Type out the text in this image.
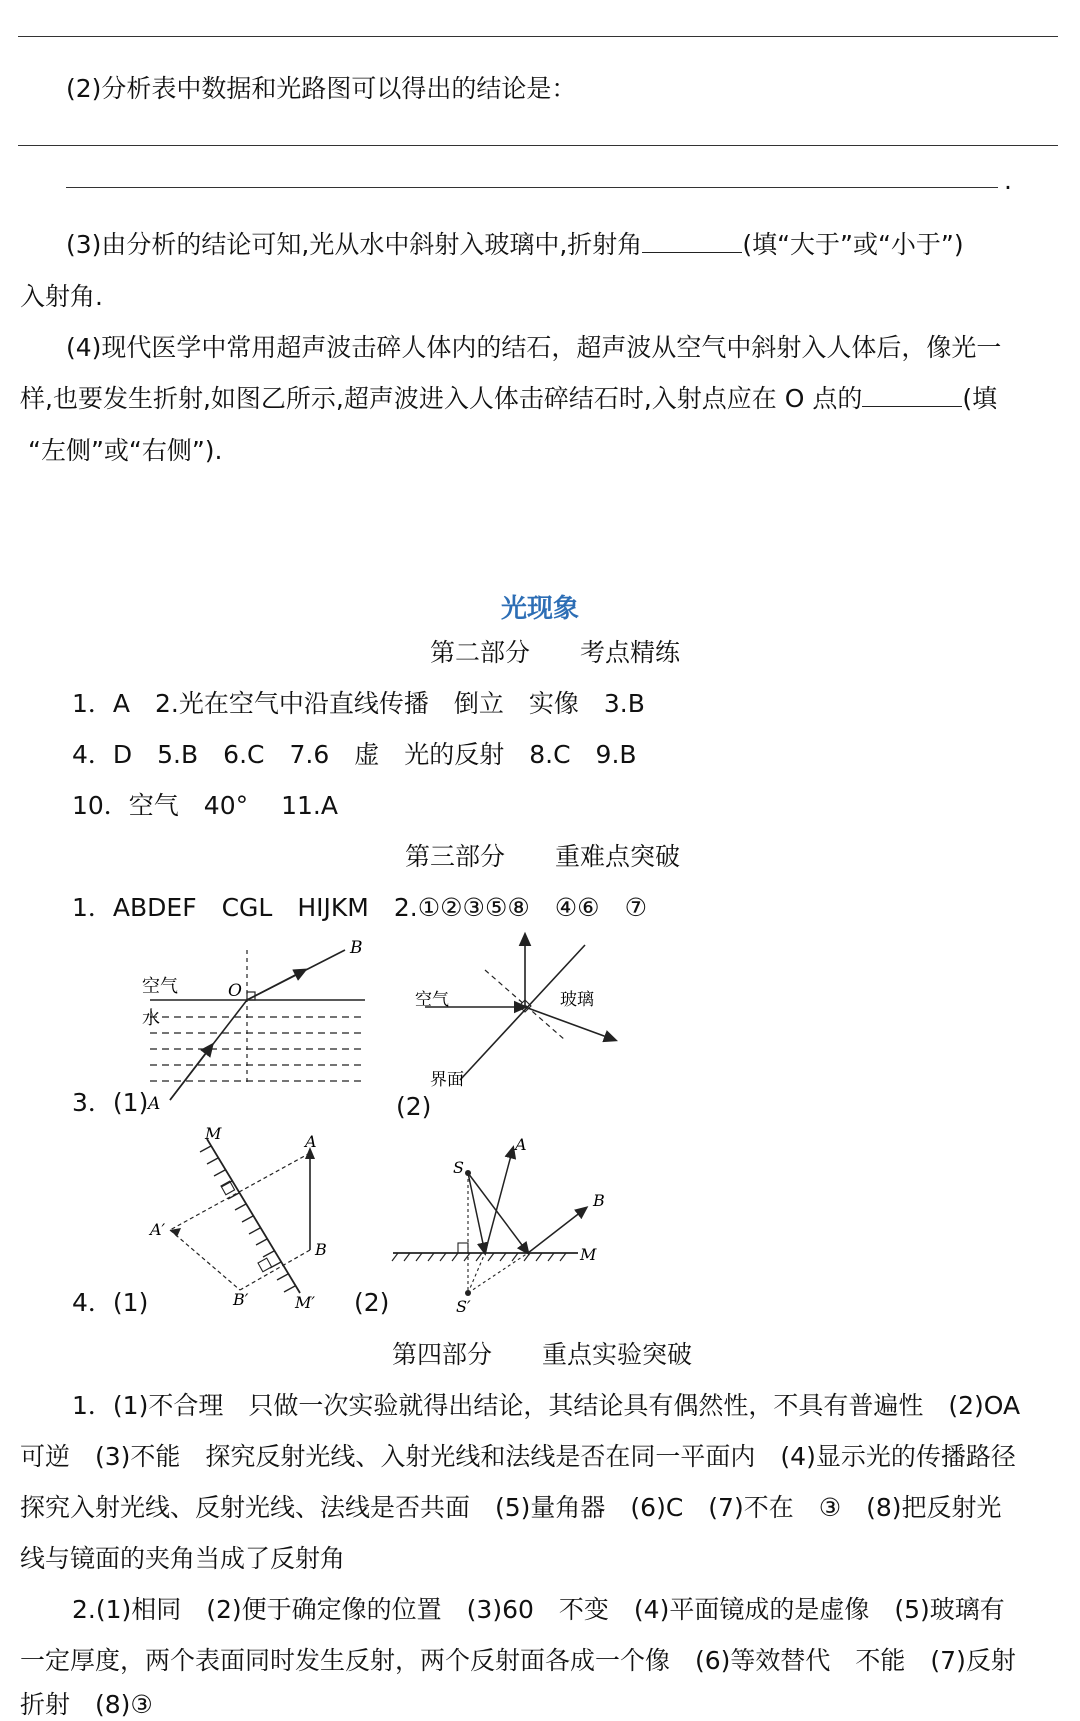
(2)分析表中数据和光路图可以得出的结论是：
.
(3)由分析的结论可知,光从水中斜射入玻璃中,折射角	(填“大于”或“小于”)
入射角.
(4)现代医学中常用超声波击碎人体内的结石，超声波从空气中斜射入人体后，像光一
样,也要发生折射,如图乙所示,超声波进入人体击碎结石时,入射点应在 O 点的	(填
“左侧”或“右侧”).
光现象
第二部分　　考点精练
1．A　2.光在空气中沿直线传播　倒立　实像　3.B
4．D　5.B　6.C　7.6　虚　光的反射　8.C　9.B
10．空气　40°　 11.A
第三部分　　重难点突破
1．ABDEF　CGL　HIJKM　2.①②③⑤⑧　④⑥　⑦
3．(1)	(2)
4．(1)	(2)
空气
水
O
A
B
空气	玻璃
界面
M
M′
A
B
A′
B′
S
S′
A
B
M
第四部分　　重点实验突破
1．(1)不合理　只做一次实验就得出结论，其结论具有偶然性，不具有普遍性　(2)OA
可逆　(3)不能　探究反射光线、入射光线和法线是否在同一平面内　(4)显示光的传播路径
探究入射光线、反射光线、法线是否共面　(5)量角器　(6)C　(7)不在　③　(8)把反射光
线与镜面的夹角当成了反射角
2.(1)相同　(2)便于确定像的位置　(3)60　不变　(4)平面镜成的是虚像　(5)玻璃有
一定厚度，两个表面同时发生反射，两个反射面各成一个像　(6)等效替代　不能　(7)反射
折射　(8)③
